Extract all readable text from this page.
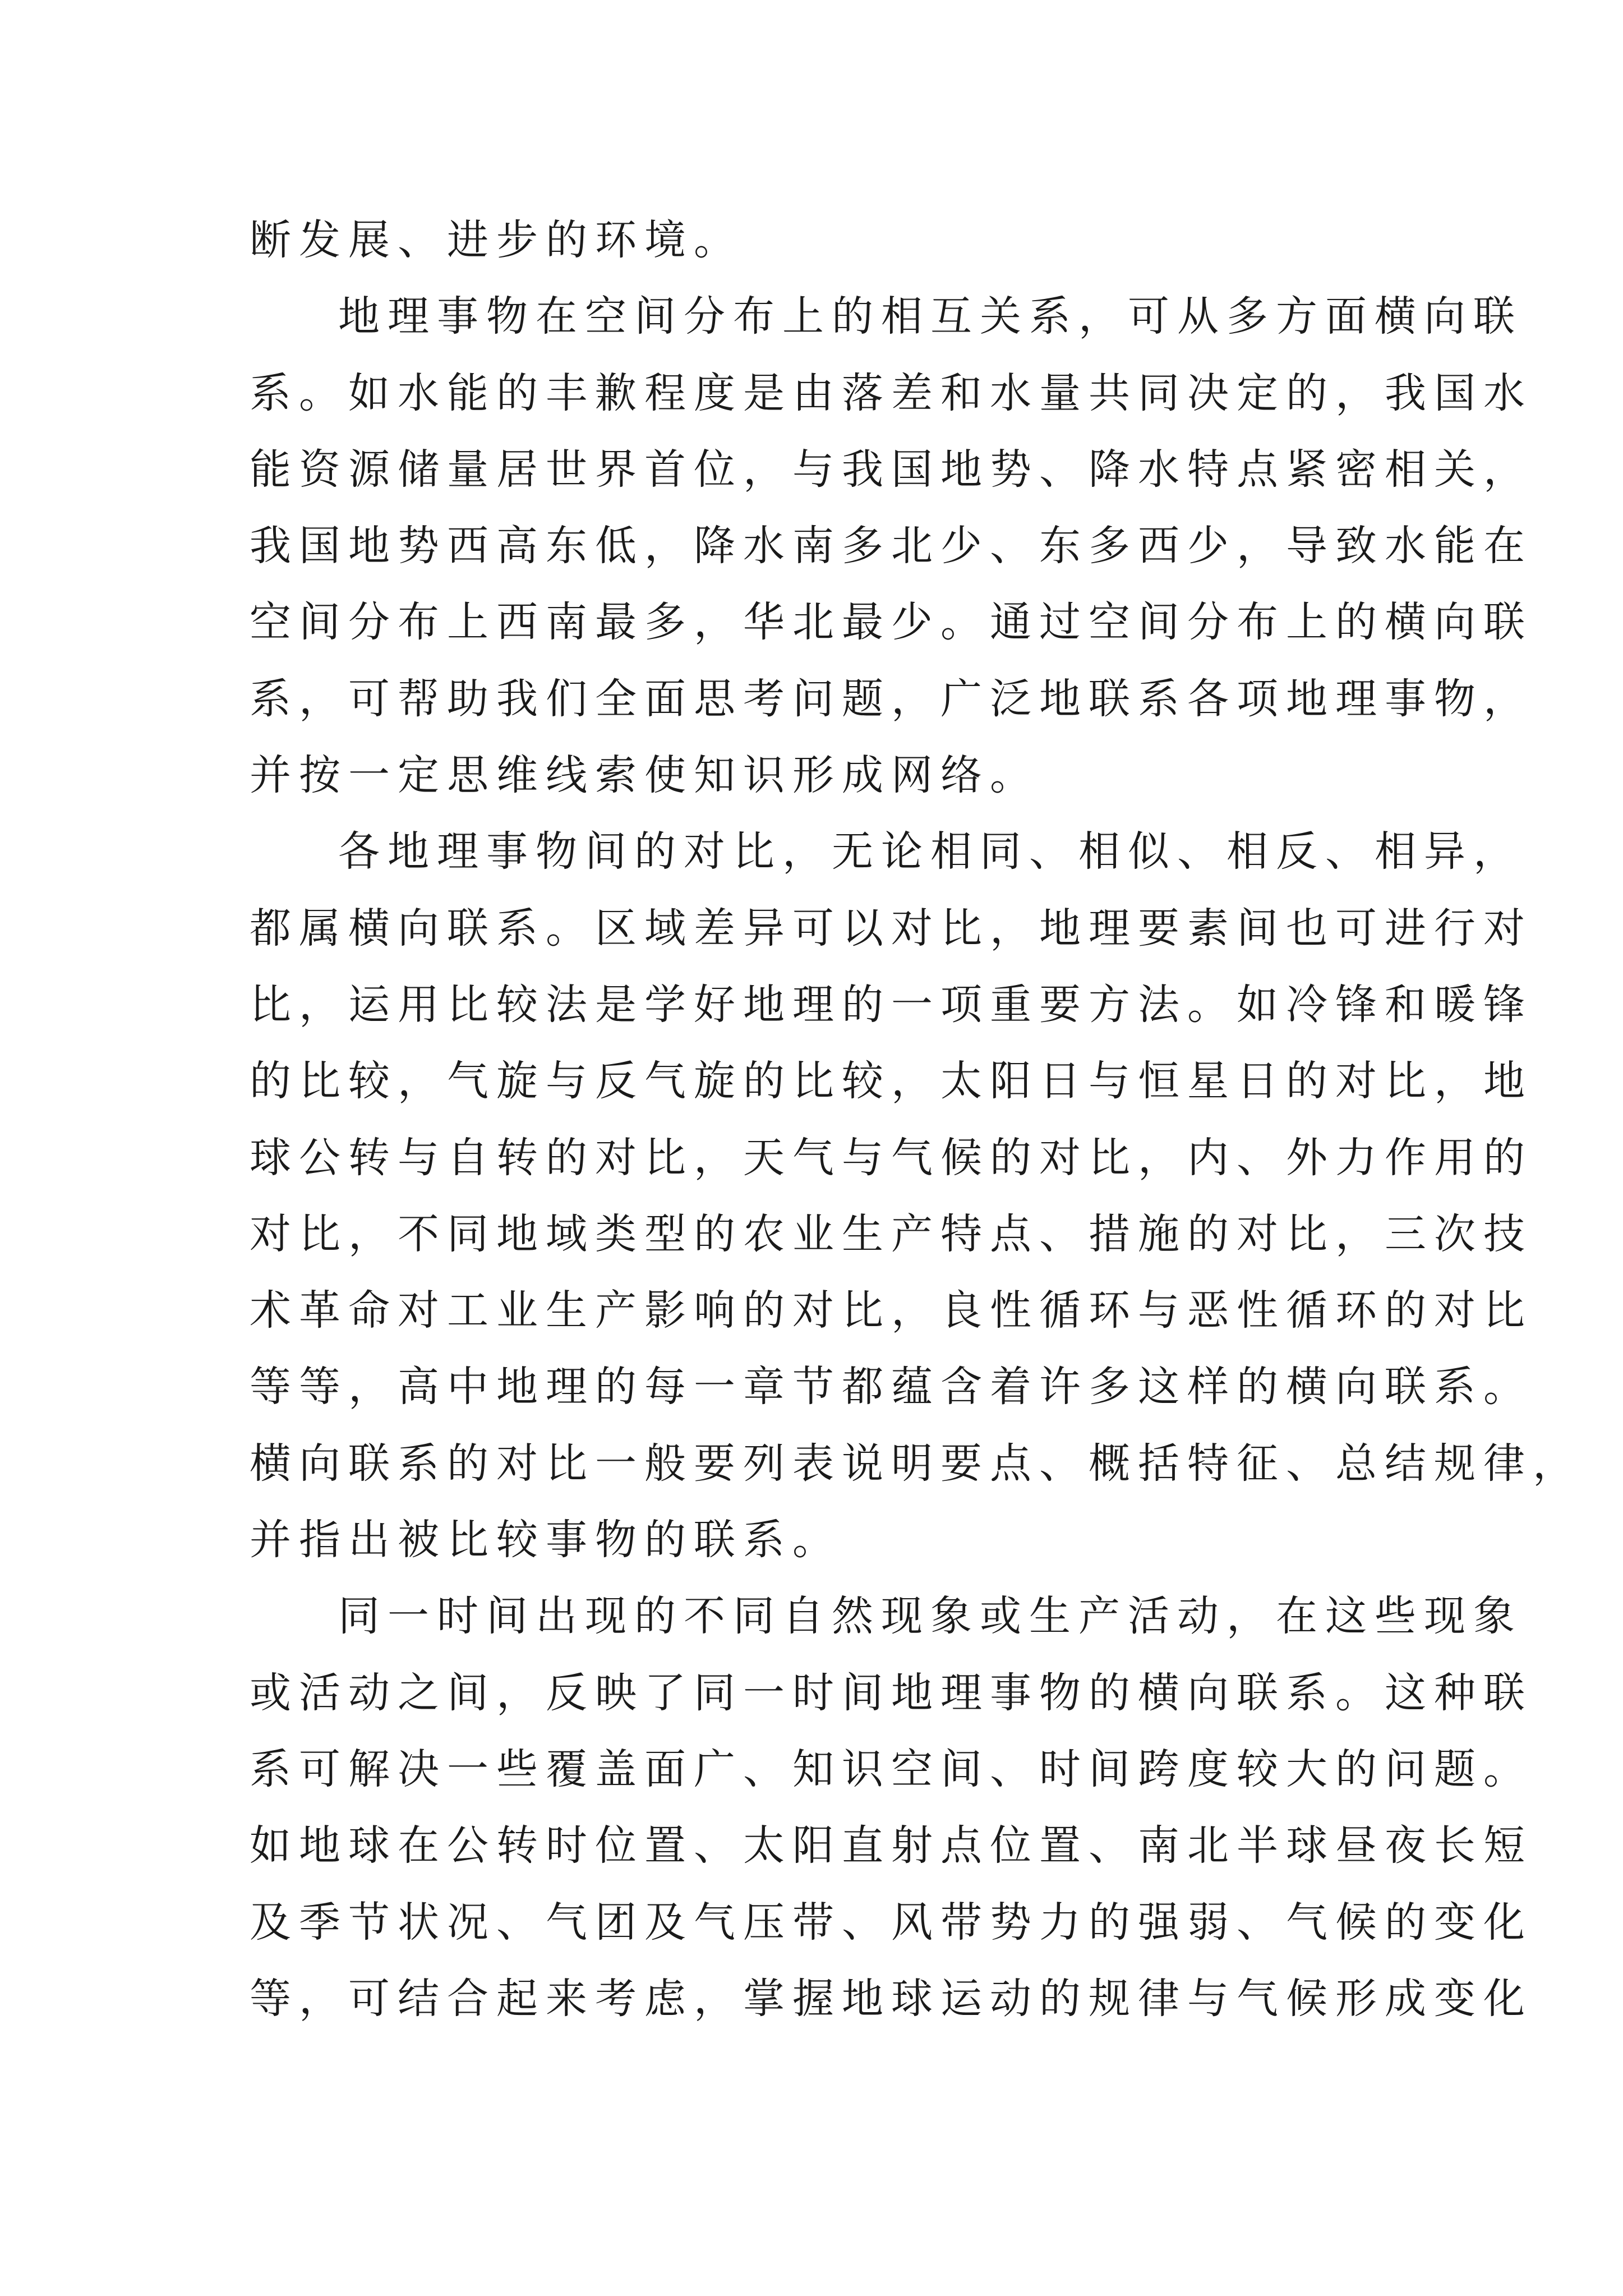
断发展、进步的环境。
地理事物在空间分布上的相互关系，可从多方面横向联
系。如水能的丰歉程度是由落差和水量共同决定的，我国水
能资源储量居世界首位，与我国地势、降水特点紧密相关，
我国地势西高东低，降水南多北少、东多西少，导致水能在
空间分布上西南最多，华北最少。通过空间分布上的横向联
系，可帮助我们全面思考问题，广泛地联系各项地理事物，
并按一定思维线索使知识形成网络。
各地理事物间的对比，无论相同、相似、相反、相异，
都属横向联系。区域差异可以对比，地理要素间也可进行对
比，运用比较法是学好地理的一项重要方法。如冷锋和暖锋
的比较，气旋与反气旋的比较，太阳日与恒星日的对比，地
球公转与自转的对比，天气与气候的对比，内、外力作用的
对比，不同地域类型的农业生产特点、措施的对比，三次技
术革命对工业生产影响的对比，良性循环与恶性循环的对比
等等，高中地理的每一章节都蕴含着许多这样的横向联系。
横向联系的对比一般要列表说明要点、概括特征、总结规律，
并指出被比较事物的联系。
同一时间出现的不同自然现象或生产活动，在这些现象
或活动之间，反映了同一时间地理事物的横向联系。这种联
系可解决一些覆盖面广、知识空间、时间跨度较大的问题。
如地球在公转时位置、太阳直射点位置、南北半球昼夜长短
及季节状况、气团及气压带、风带势力的强弱、气候的变化
等，可结合起来考虑，掌握地球运动的规律与气候形成变化
